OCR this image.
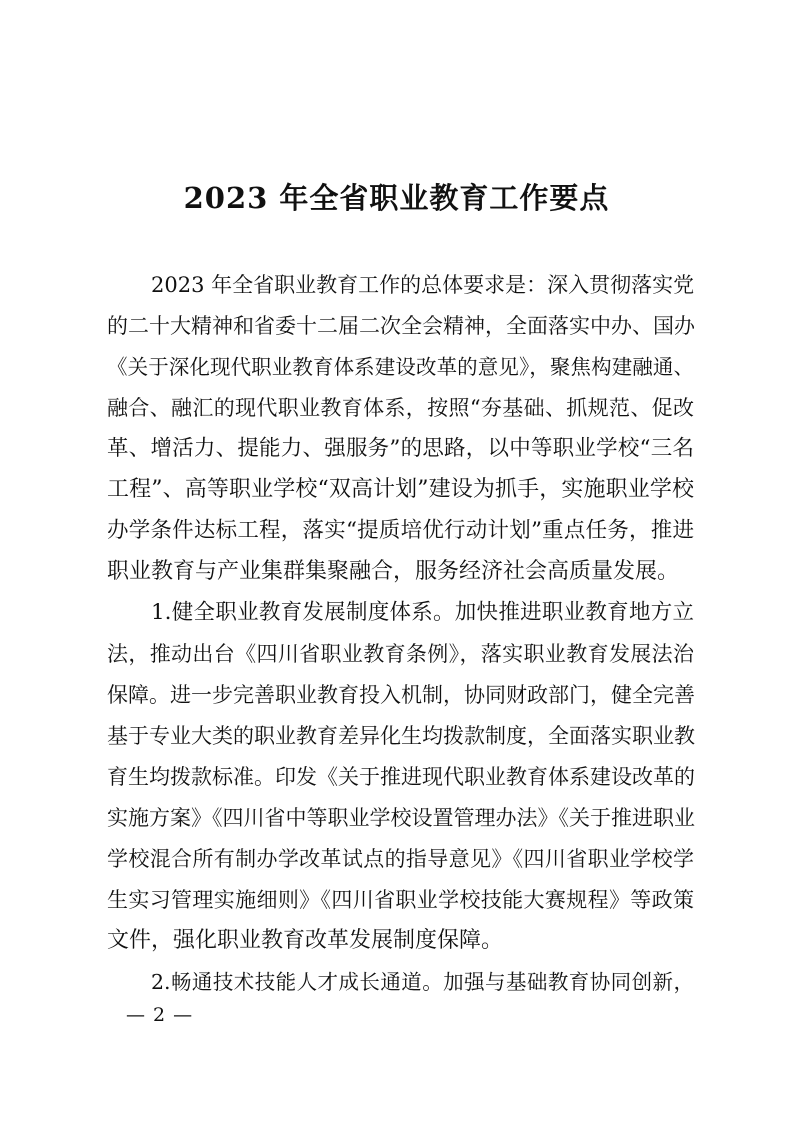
2023 年全省职业教育工作要点

2023 年全省职业教育工作的总体要求是：深入贯彻落实党

的二十大精神和省委十二届二次全会精神，全面落实中办、国办

《关于深化现代职业教育体系建设改革的意见》，聚焦构建融通、

融合、融汇的现代职业教育体系，按照“夯基础、抓规范、促改

革、增活力、提能力、强服务”的思路，以中等职业学校“三名

工程”、高等职业学校“双高计划”建设为抓手，实施职业学校

办学条件达标工程，落实“提质培优行动计划”重点任务，推进

职业教育与产业集群集聚融合，服务经济社会高质量发展。

1.健全职业教育发展制度体系。加快推进职业教育地方立

法，推动出台《四川省职业教育条例》，落实职业教育发展法治

保障。进一步完善职业教育投入机制，协同财政部门，健全完善

基于专业大类的职业教育差异化生均拨款制度，全面落实职业教

育生均拨款标准。印发《关于推进现代职业教育体系建设改革的

实施方案》《四川省中等职业学校设置管理办法》《关于推进职业

学校混合所有制办学改革试点的指导意见》《四川省职业学校学

生实习管理实施细则》《四川省职业学校技能大赛规程》等政策

文件，强化职业教育改革发展制度保障。

2.畅通技术技能人才成长通道。加强与基础教育协同创新，

— 2 —
